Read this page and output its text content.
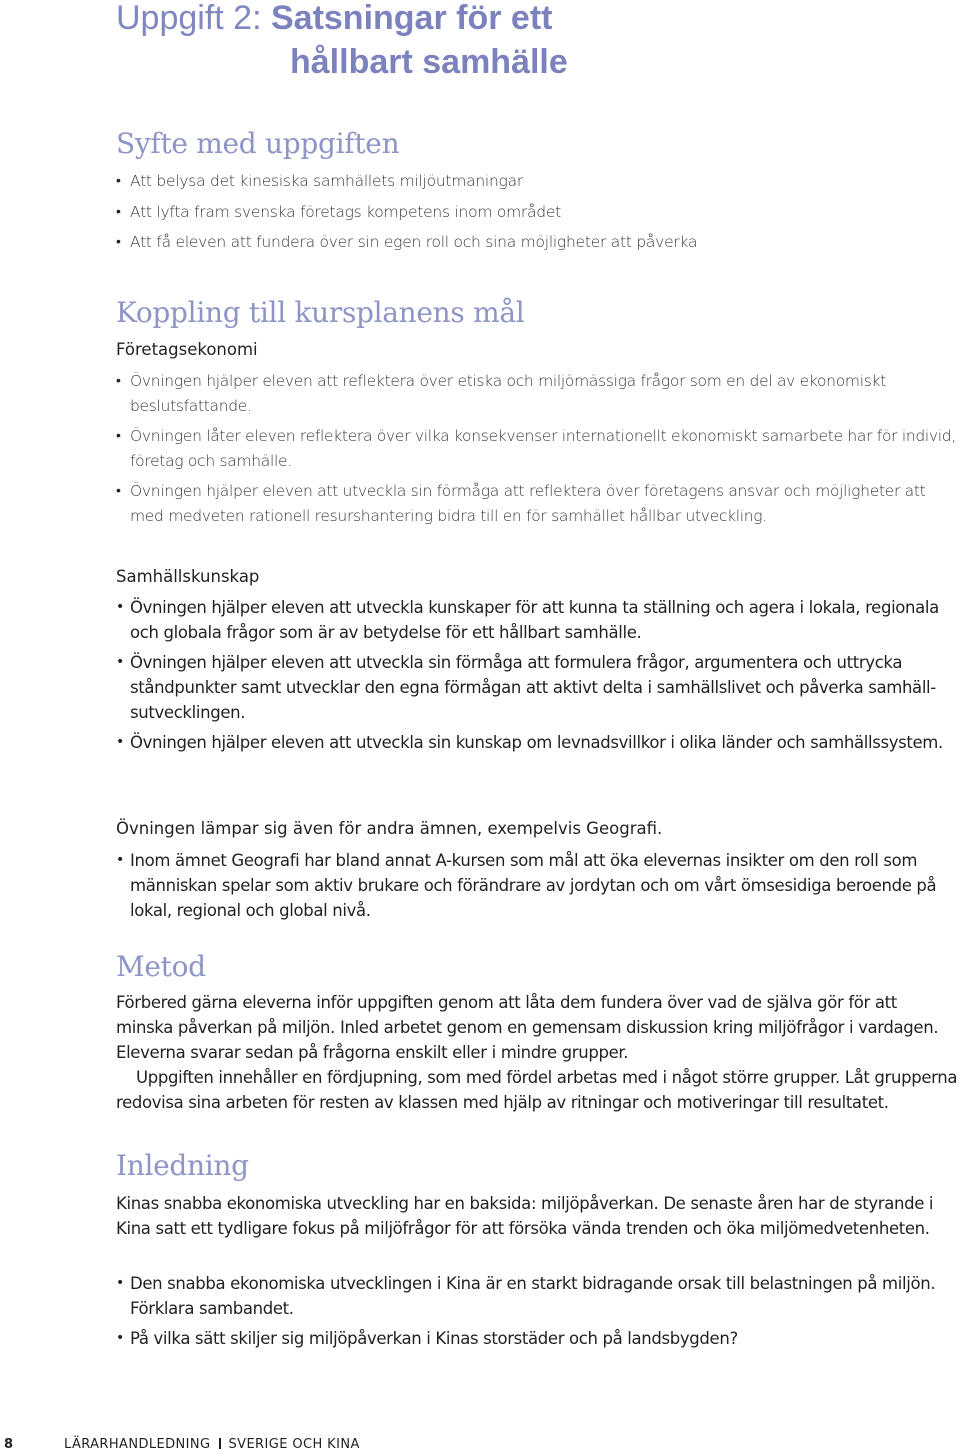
Uppgift 2: Satsningar för ett
hållbart samhälle
Syfte med uppgiften
• Att belysa det kinesiska samhällets miljöutmaningar
• Att lyfta fram svenska företags kompetens inom området
• Att få eleven att fundera över sin egen roll och sina möjligheter att påverka
Koppling till kursplanens mål
Företagsekonomi
• Övningen hjälper eleven att reflektera över etiska och miljömässiga frågor som en del av ekonomiskt beslutsfattande.
• Övningen låter eleven reflektera över vilka konsekvenser internationellt ekonomiskt samarbete har för individ, företag och samhälle.
• Övningen hjälper eleven att utveckla sin förmåga att reflektera över företagens ansvar och möjligheter att med medveten rationell resurshantering bidra till en för samhället hållbar utveckling.
Samhällskunskap
• Övningen hjälper eleven att utveckla kunskaper för att kunna ta ställning och agera i lokala, regionala och globala frågor som är av betydelse för ett hållbart samhälle.
• Övningen hjälper eleven att utveckla sin förmåga att formulera frågor, argumentera och uttrycka ståndpunkter samt utvecklar den egna förmågan att aktivt delta i samhällslivet och påverka samhällsutvecklingen.
• Övningen hjälper eleven att utveckla sin kunskap om levnadsvillkor i olika länder och samhällssystem.
Övningen lämpar sig även för andra ämnen, exempelvis Geografi.
• Inom ämnet Geografi har bland annat A-kursen som mål att öka elevernas insikter om den roll som människan spelar som aktiv brukare och förändrare av jordytan och om vårt ömsesidiga beroende på lokal, regional och global nivå.
Metod
Förbered gärna eleverna inför uppgiften genom att låta dem fundera över vad de själva gör för att minska påverkan på miljön. Inled arbetet genom en gemensam diskussion kring miljöfrågor i vardagen. Eleverna svarar sedan på frågorna enskilt eller i mindre grupper.
Uppgiften innehåller en fördjupning, som med fördel arbetas med i något större grupper. Låt grupperna redovisa sina arbeten för resten av klassen med hjälp av ritningar och motiveringar till resultatet.
Inledning
Kinas snabba ekonomiska utveckling har en baksida: miljöpåverkan. De senaste åren har de styrande i Kina satt ett tydligare fokus på miljöfrågor för att försöka vända trenden och öka miljömedvetenheten.
• Den snabba ekonomiska utvecklingen i Kina är en starkt bidragande orsak till belastningen på miljön. Förklara sambandet.
• På vilka sätt skiljer sig miljöpåverkan i Kinas storstäder och på landsbygden?
8	LÄRARHANDLEDNING SVERIGE OCH KINA
